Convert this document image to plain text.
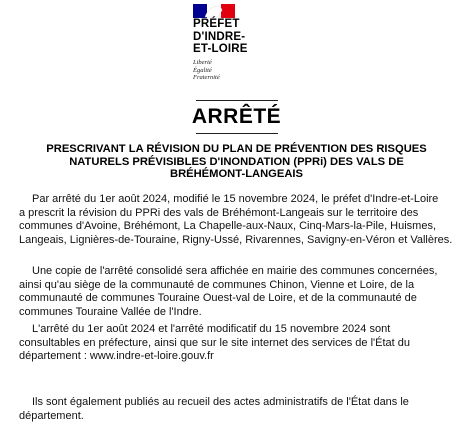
PRÉFET
D'INDRE-
ET-LOIRE
Liberté
Égalité
Fraternité
ARRÊTÉ
PRESCRIVANT LA RÉVISION DU PLAN DE PRÉVENTION DES RISQUES
NATURELS PRÉVISIBLES D'INONDATION (PPRi) DES VALS DE
BRÉHÉMONT-LANGEAIS
Par arrêté du 1er août 2024, modifié le 15 novembre 2024, le préfet d'Indre-et-Loire
a prescrit la révision du PPRi des vals de Bréhémont-Langeais sur le territoire des
communes d'Avoine, Bréhémont, La Chapelle-aux-Naux, Cinq-Mars-la-Pile, Huismes,
Langeais, Lignières-de-Touraine, Rigny-Ussé, Rivarennes, Savigny-en-Véron et Vallères.
Une copie de l'arrêté consolidé sera affichée en mairie des communes concernées,
ainsi qu'au siège de la communauté de communes Chinon, Vienne et Loire, de la
communauté de communes Touraine Ouest-val de Loire, et de la communauté de
communes Touraine Vallée de l'Indre.
L'arrêté du 1er août 2024 et l'arrêté modificatif du 15 novembre 2024 sont
consultables en préfecture, ainsi que sur le site internet des services de l'État du
département : www.indre-et-loire.gouv.fr
Ils sont également publiés au recueil des actes administratifs de l'État dans le
département.
